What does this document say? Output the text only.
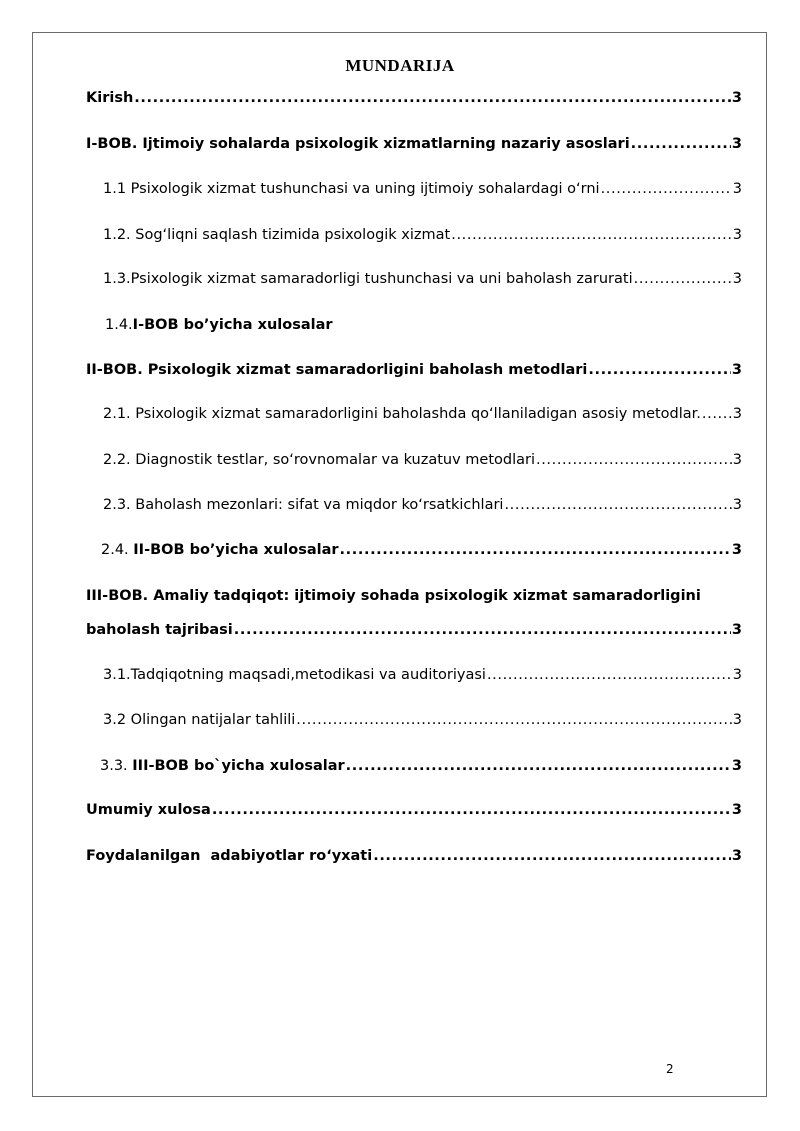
MUNDARIJA
Kirish .....	3
I-BOB. Ijtimoiy sohalarda psixologik xizmatlarning nazariy asoslari .....	3
1.1 Psixologik xizmat tushunchasi va uning ijtimoiy sohalardagi o‘rni .....	3
1.2. Sog‘liqni saqlash tizimida psixologik xizmat .....	3
1.3.Psixologik xizmat samaradorligi tushunchasi va uni baholash zarurati .....	3
1.4. I-BOB bo’yicha xulosalar
II-BOB. Psixologik xizmat samaradorligini baholash metodlari .....	3
2.1. Psixologik xizmat samaradorligini baholashda qo‘llaniladigan asosiy metodlar. ..... 3
2.2. Diagnostik testlar, so‘rovnomalar va kuzatuv metodlari .....	3
2.3. Baholash mezonlari: sifat va miqdor ko‘rsatkichlari .....	3
2.4. II-BOB bo’yicha xulosalar .....	3
III-BOB. Amaliy tadqiqot: ijtimoiy sohada psixologik xizmat samaradorligini
baholash tajribasi .....	3
3.1.Tadqiqotning maqsadi,metodikasi va auditoriyasi .....	3
3.2 Olingan natijalar tahlili .....	3
3.3. III-BOB bo`yicha xulosalar .....	3
Umumiy xulosa .....	3
Foydalanilgan  adabiyotlar ro‘yxati .....	3
2
